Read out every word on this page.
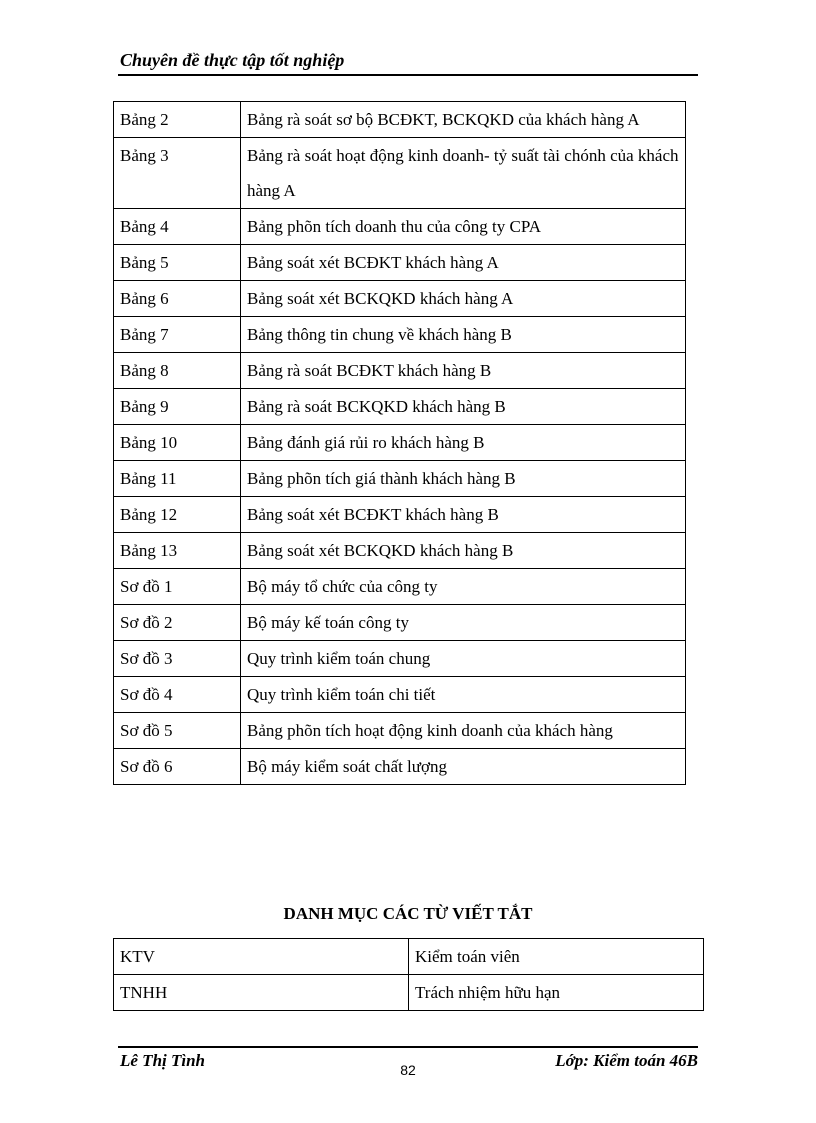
Chuyên đề thực tập tốt nghiệp
Bảng 2	Bảng rà soát sơ bộ BCĐKT, BCKQKD của khách hàng A
Bảng 3	Bảng rà soát hoạt động kinh doanh- tỷ suất tài chónh của khách hàng A
Bảng 4	Bảng phõn tích doanh thu của công ty CPA
Bảng 5	Bảng soát xét BCĐKT khách hàng A
Bảng 6	Bảng soát xét BCKQKD khách hàng A
Bảng 7	Bảng thông tin chung về khách hàng B
Bảng 8	Bảng rà soát BCĐKT khách hàng B
Bảng 9	Bảng rà soát BCKQKD khách hàng B
Bảng 10	Bảng đánh giá rủi ro khách hàng B
Bảng 11	Bảng phõn tích giá thành khách hàng B
Bảng 12	Bảng soát xét BCĐKT khách hàng B
Bảng 13	Bảng soát xét BCKQKD khách hàng B
Sơ đồ 1	Bộ máy tổ chức của công ty
Sơ đồ 2	Bộ máy kế toán công ty
Sơ đồ 3	Quy trình kiểm toán chung
Sơ đồ 4	Quy trình kiểm toán chi tiết
Sơ đồ 5	Bảng phõn tích hoạt động kinh doanh của khách hàng
Sơ đồ 6	Bộ máy kiểm soát chất lượng
DANH MỤC CÁC TỪ VIẾT TẮT
KTV	Kiểm toán viên
TNHH	Trách nhiệm hữu hạn
Lê Thị Tình	82	Lớp: Kiểm toán 46B
